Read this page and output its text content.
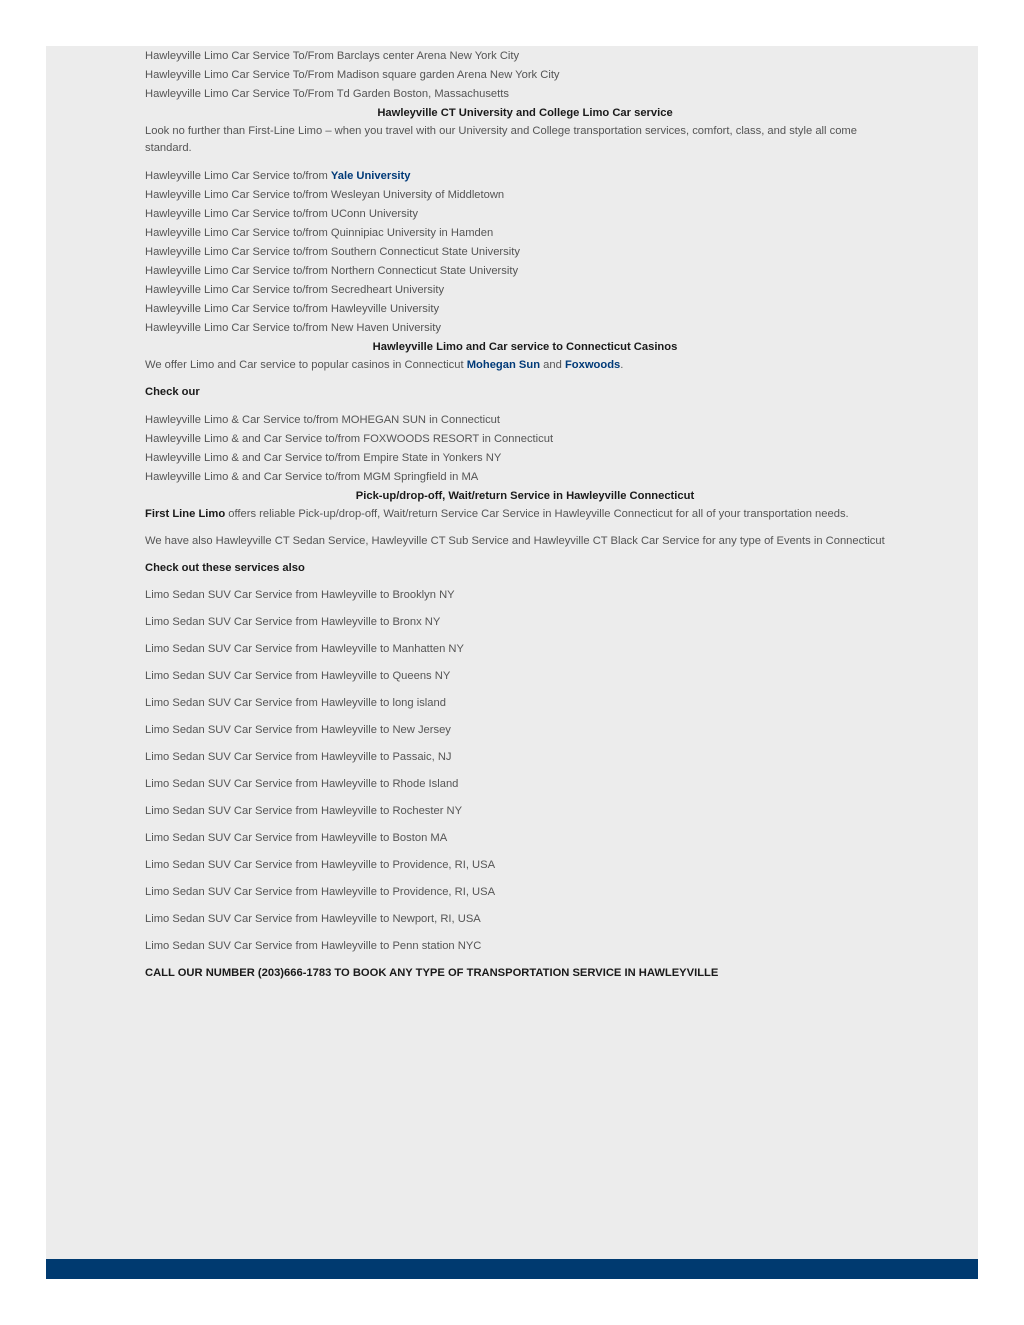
Hawleyville Limo Car Service To/From Barclays center Arena New York City

Hawleyville Limo Car Service To/From Madison square garden Arena New York City

Hawleyville Limo Car Service To/From Td Garden Boston, Massachusetts

Hawleyville CT University and College Limo Car service

Look no further than First-Line Limo – when you travel with our University and College transportation services, comfort, class, and style all come standard.

Hawleyville Limo Car Service to/from Yale University

Hawleyville Limo Car Service to/from Wesleyan University of Middletown

Hawleyville Limo Car Service to/from UConn University

Hawleyville Limo Car Service to/from Quinnipiac University in Hamden

Hawleyville Limo Car Service to/from Southern Connecticut State University

Hawleyville Limo Car Service to/from Northern Connecticut State University

Hawleyville Limo Car Service to/from Secredheart University

Hawleyville Limo Car Service to/from Hawleyville University

Hawleyville Limo Car Service to/from New Haven University

Hawleyville Limo and Car service to Connecticut Casinos

We offer Limo and Car service to popular casinos in Connecticut Mohegan Sun and Foxwoods.

Check our

Hawleyville Limo & Car Service to/from MOHEGAN SUN in Connecticut

Hawleyville Limo & and Car Service to/from FOXWOODS RESORT in Connecticut

Hawleyville Limo & and Car Service to/from Empire State in Yonkers NY

Hawleyville Limo & and Car Service to/from MGM Springfield in MA

Pick-up/drop-off, Wait/return Service in Hawleyville Connecticut

First Line Limo offers reliable Pick-up/drop-off, Wait/return Service Car Service in Hawleyville Connecticut for all of your transportation needs.

We have also Hawleyville CT Sedan Service, Hawleyville CT Sub Service and Hawleyville CT Black Car Service for any type of Events in Connecticut

Check out these services also

Limo Sedan SUV Car Service from Hawleyville to Brooklyn NY

Limo Sedan SUV Car Service from Hawleyville to Bronx NY

Limo Sedan SUV Car Service from Hawleyville to Manhatten NY

Limo Sedan SUV Car Service from Hawleyville to Queens NY

Limo Sedan SUV Car Service from Hawleyville to long island

Limo Sedan SUV Car Service from Hawleyville to New Jersey

Limo Sedan SUV Car Service from Hawleyville to Passaic, NJ

Limo Sedan SUV Car Service from Hawleyville to Rhode Island

Limo Sedan SUV Car Service from Hawleyville to Rochester NY

Limo Sedan SUV Car Service from Hawleyville to Boston MA

Limo Sedan SUV Car Service from Hawleyville to Providence, RI, USA

Limo Sedan SUV Car Service from Hawleyville to Providence, RI, USA

Limo Sedan SUV Car Service from Hawleyville to Newport, RI, USA

Limo Sedan SUV Car Service from Hawleyville to Penn station NYC

CALL OUR NUMBER (203)666-1783 TO BOOK ANY TYPE OF TRANSPORTATION SERVICE IN HAWLEYVILLE
